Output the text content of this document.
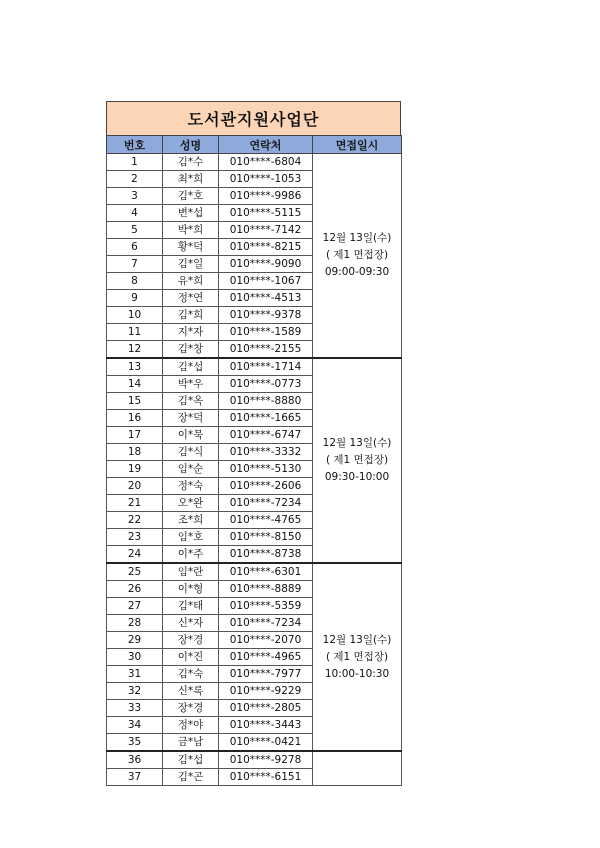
도서관지원사업단
번호	성명	연락처	면접일시
1	김*수	010****-6804	12월 13일(수)
( 제1 면접장)
09:00-09:30

2	최*희	010****-1053	
3	김*호	010****-9986	
4	변*섭	010****-5115	
5	박*희	010****-7142	
6	황*덕	010****-8215	
7	김*일	010****-9090	
8	유*희	010****-1067	
9	정*연	010****-4513	
10	김*희	010****-9378	
11	지*자	010****-1589	
12	김*창	010****-2155	
13	김*섭	010****-1714	12월 13일(수)
( 제1 면접장)
09:30-10:00

14	박*우	010****-0773	
15	김*옥	010****-8880	
16	장*덕	010****-1665	
17	이*묵	010****-6747	
18	김*식	010****-3332	
19	임*순	010****-5130	
20	정*숙	010****-2606	
21	오*완	010****-7234	
22	조*희	010****-4765	
23	임*호	010****-8150	
24	이*주	010****-8738	
25	임*란	010****-6301	12월 13일(수)
( 제1 면접장)
10:00-10:30

26	이*형	010****-8889	
27	김*태	010****-5359	
28	신*자	010****-7234	
29	장*경	010****-2070	
30	이*진	010****-4965	
31	김*숙	010****-7977	
32	신*록	010****-9229	
33	장*경	010****-2805	
34	정*야	010****-3443	
35	금*남	010****-0421	
36	김*섭	010****-9278	

37	김*곤	010****-6151	
